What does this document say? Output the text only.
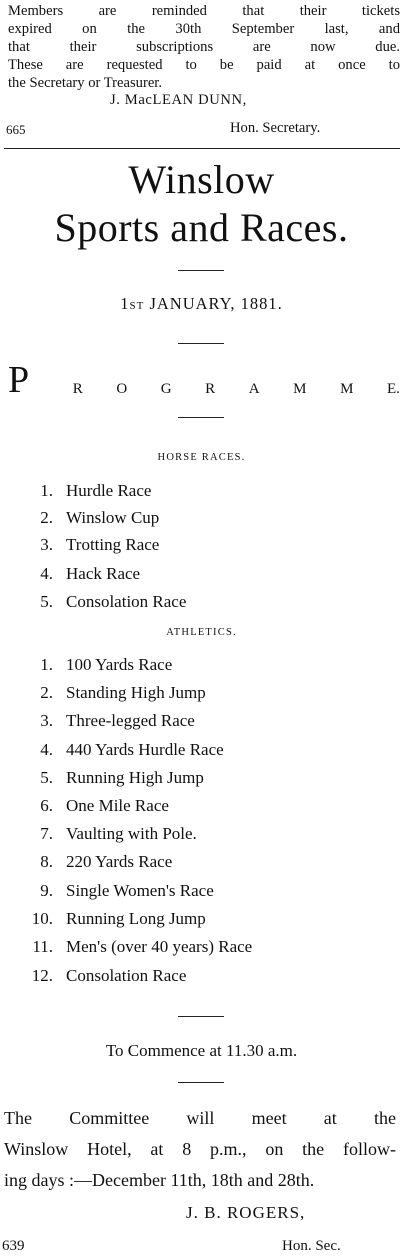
Members are reminded that their tickets

expired on the 30th September last, and

that their subscriptions are now due.

These are requested to be paid at once to

the Secretary or Treasurer.

J. MacLEAN DUNN,
665	Hon. Secretary.
Winslow
Sports and Races.
1ST JANUARY, 1881.
P	R O G R A M M E.
HORSE RACES.
1. Hurdle Race
2. Winslow Cup
3. Trotting Race
4. Hack Race
5. Consolation Race
ATHLETICS.
1. 100 Yards Race
2. Standing High Jump
3. Three-legged Race
4. 440 Yards Hurdle Race
5. Running High Jump
6. One Mile Race
7. Vaulting with Pole.
8. 220 Yards Race
9. Single Women's Race
10. Running Long Jump
11. Men's (over 40 years) Race
12. Consolation Race
To Commence at 11.30 a.m.

The Committee will meet at the

Winslow Hotel, at 8 p.m., on the follow-

ing days :—December 11th, 18th and 28th.

J. B. ROGERS,
639	Hon. Sec.
